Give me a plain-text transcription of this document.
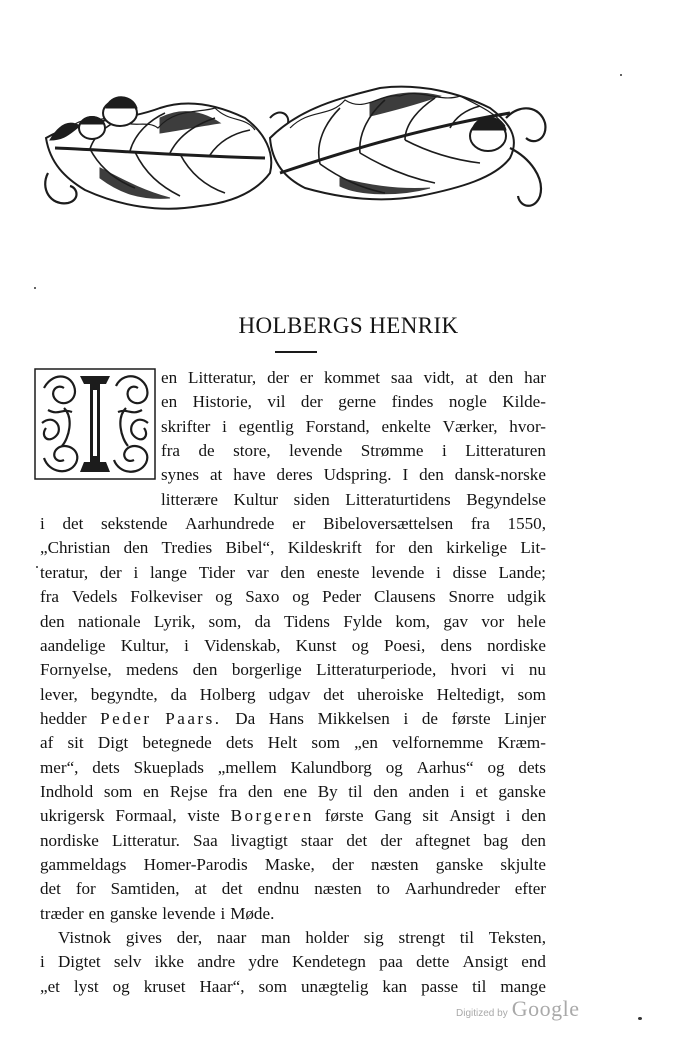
HOLBERGS HENRIK
en Litteratur, der er kommet saa vidt, at den har
en Historie, vil der gerne findes nogle Kilde-
skrifter i egentlig Forstand, enkelte Værker, hvor-
fra de store, levende Strømme i Litteraturen
synes at have deres Udspring. I den dansk-norske
litterære Kultur siden Litteraturtidens Begyndelse
i det sekstende Aarhundrede er Bibeloversættelsen fra 1550,
„Christian den Tredies Bibel“, Kildeskrift for den kirkelige Lit-
teratur, der i lange Tider var den eneste levende i disse Lande;
fra Vedels Folkeviser og Saxo og Peder Clausens Snorre udgik
den nationale Lyrik, som, da Tidens Fylde kom, gav vor hele
aandelige Kultur, i Videnskab, Kunst og Poesi, dens nordiske
Fornyelse, medens den borgerlige Litteraturperiode, hvori vi nu
lever, begyndte, da Holberg udgav det uheroiske Heltedigt, som
hedder Peder Paars. Da Hans Mikkelsen i de første Linjer
af sit Digt betegnede dets Helt som „en velfornemme Kræm-
mer“, dets Skueplads „mellem Kalundborg og Aarhus“ og dets
Indhold som en Rejse fra den ene By til den anden i et ganske
ukrigersk Formaal, viste Borgeren første Gang sit Ansigt i den
nordiske Litteratur. Saa livagtigt staar det der aftegnet bag den
gammeldags Homer-Parodis Maske, der næsten ganske skjulte
det for Samtiden, at det endnu næsten to Aarhundreder efter
træder en ganske levende i Møde.
Vistnok gives der, naar man holder sig strengt til Teksten,
i Digtet selv ikke andre ydre Kendetegn paa dette Ansigt end
„et lyst og kruset Haar“, som unægtelig kan passe til mange
Digitized by Google
